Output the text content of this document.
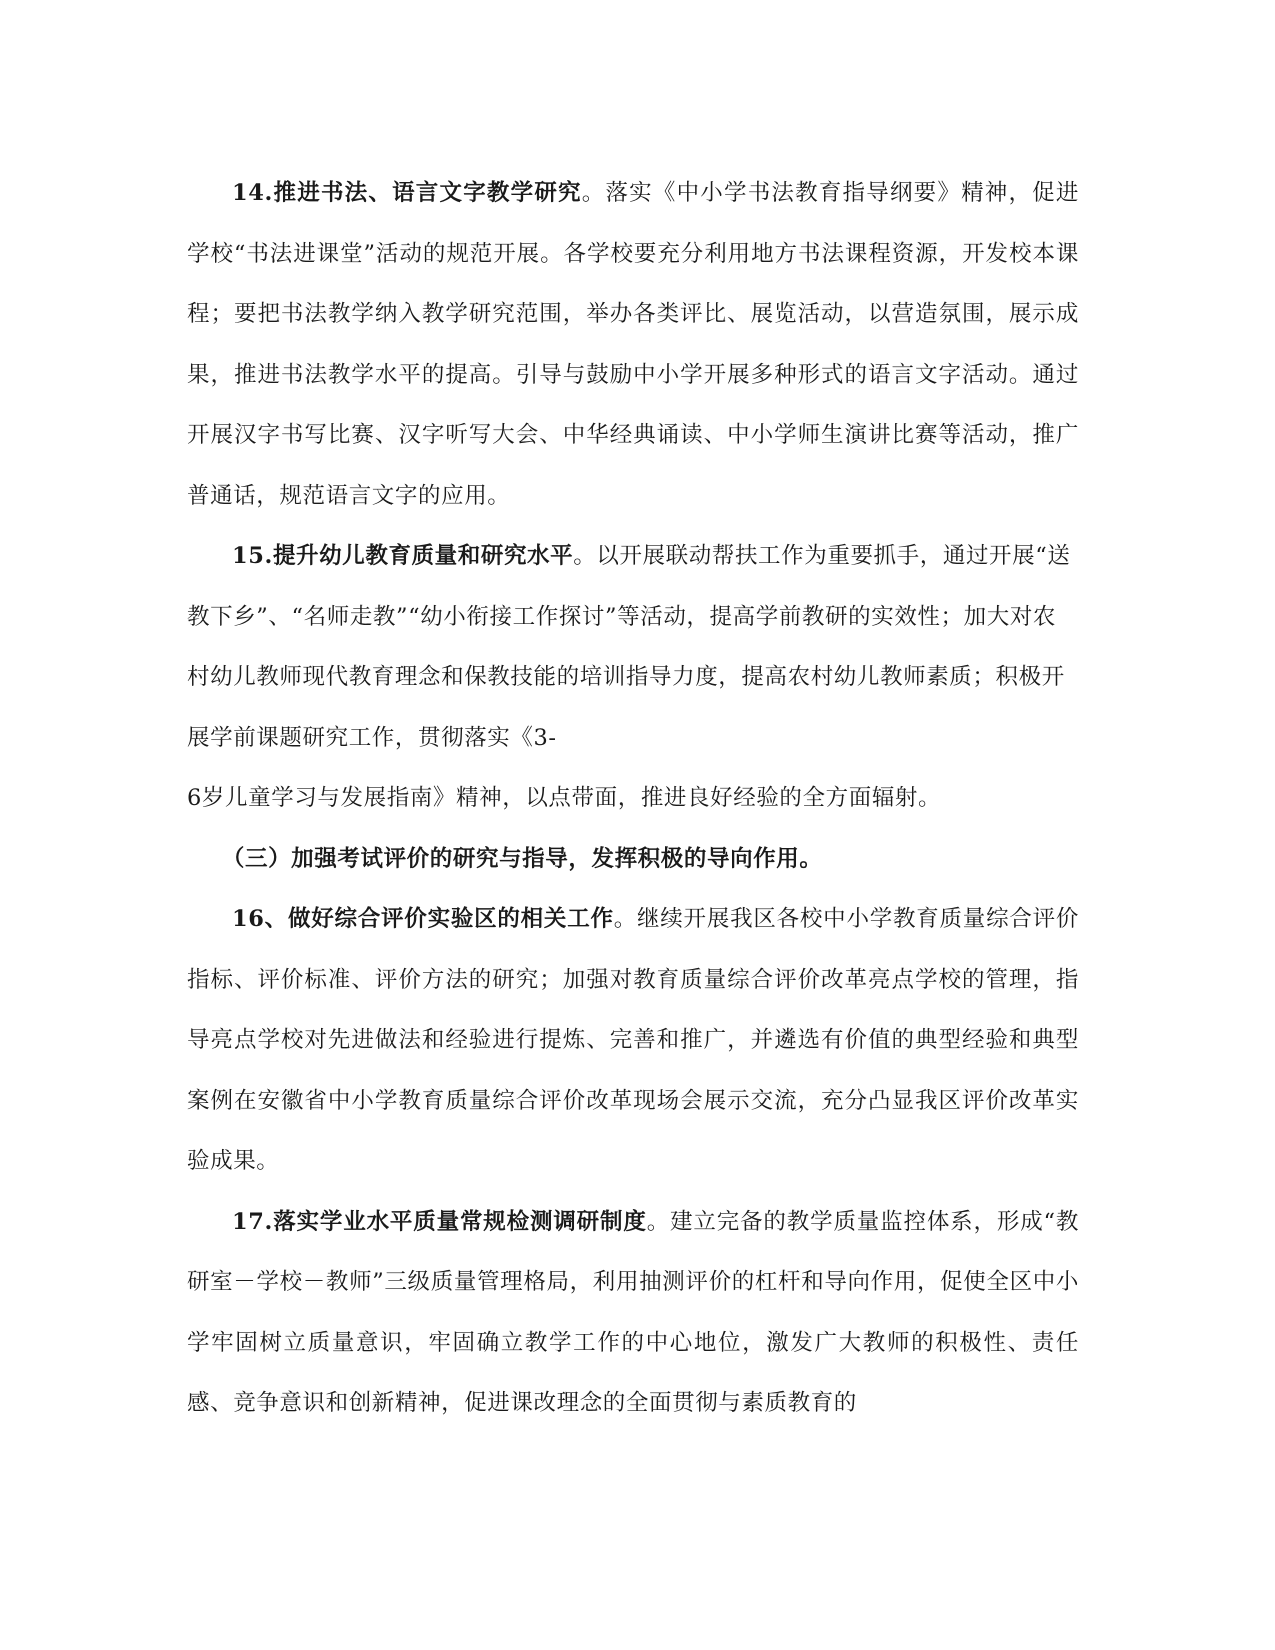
14.推进书法、语言文字教学研究。落实《中小学书法教育指导纲要》精神，促进学校“书法进课堂”活动的规范开展。各学校要充分利用地方书法课程资源，开发校本课程；要把书法教学纳入教学研究范围，举办各类评比、展览活动，以营造氛围，展示成果，推进书法教学水平的提高。引导与鼓励中小学开展多种形式的语言文字活动。通过开展汉字书写比赛、汉字听写大会、中华经典诵读、中小学师生演讲比赛等活动，推广普通话，规范语言文字的应用。

15.提升幼儿教育质量和研究水平。以开展联动帮扶工作为重要抓手，通过开展“送教下乡”、“名师走教”“幼小衔接工作探讨”等活动，提高学前教研的实效性；加大对农村幼儿教师现代教育理念和保教技能的培训指导力度，提高农村幼儿教师素质；积极开展学前课题研究工作，贯彻落实《3-

6岁儿童学习与发展指南》精神，以点带面，推进良好经验的全方面辐射。

（三）加强考试评价的研究与指导，发挥积极的导向作用。

16、做好综合评价实验区的相关工作。继续开展我区各校中小学教育质量综合评价指标、评价标准、评价方法的研究；加强对教育质量综合评价改革亮点学校的管理，指导亮点学校对先进做法和经验进行提炼、完善和推广，并遴选有价值的典型经验和典型案例在安徽省中小学教育质量综合评价改革现场会展示交流，充分凸显我区评价改革实验成果。

17.落实学业水平质量常规检测调研制度。建立完备的教学质量监控体系，形成“教研室－学校－教师”三级质量管理格局，利用抽测评价的杠杆和导向作用，促使全区中小学牢固树立质量意识，牢固确立教学工作的中心地位，激发广大教师的积极性、责任感、竞争意识和创新精神，促进课改理念的全面贯彻与素质教育的
